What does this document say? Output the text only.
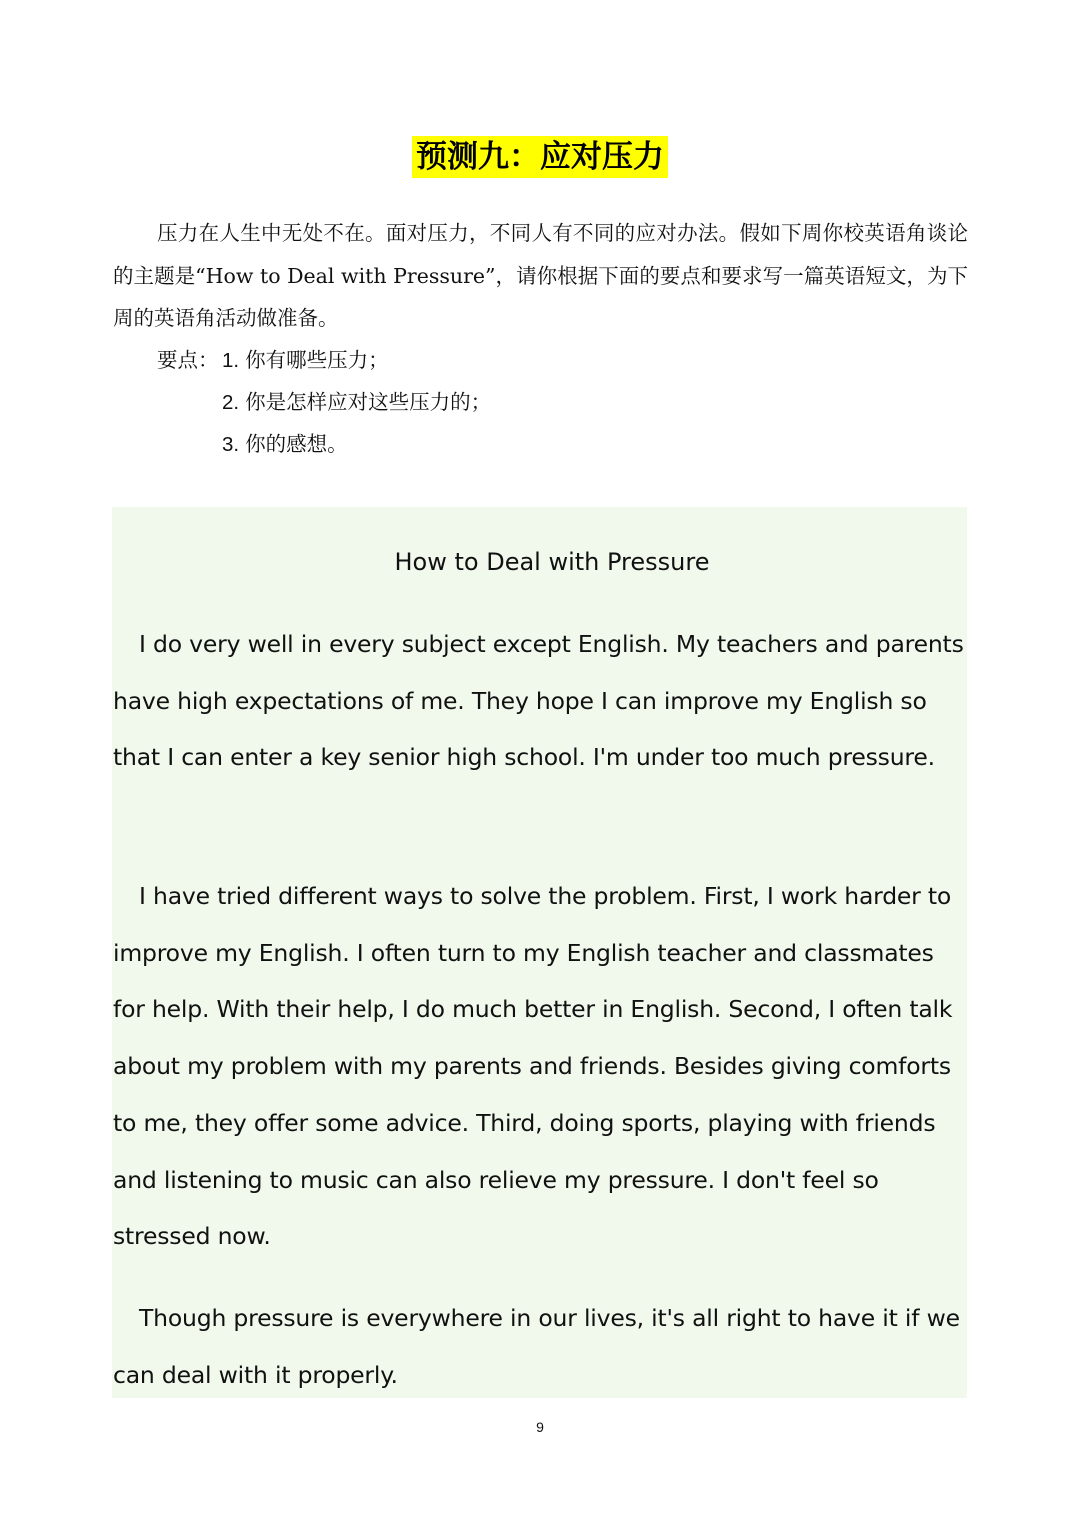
预测九：应对压力

压力在人生中无处不在。面对压力，不同人有不同的应对办法。假如下周你校英语角谈论的主题是“How to Deal with Pressure”，请你根据下面的要点和要求写一篇英语短文，为下周的英语角活动做准备。

要点： 1. 你有哪些压力；
2. 你是怎样应对这些压力的；
3. 你的感想。
How to Deal with Pressure

I do very well in every subject except English. My teachers and parents have high expectations of me. They hope I can improve my English so that I can enter a key senior high school. I'm under too much pressure.

I have tried different ways to solve the problem. First, I work harder to improve my English. I often turn to my English teacher and classmates for help. With their help, I do much better in English. Second, I often talk about my problem with my parents and friends. Besides giving comforts to me, they offer some advice. Third, doing sports, playing with friends and listening to music can also relieve my pressure. I don't feel so stressed now.

Though pressure is everywhere in our lives, it's all right to have it if we can deal with it properly.

9
